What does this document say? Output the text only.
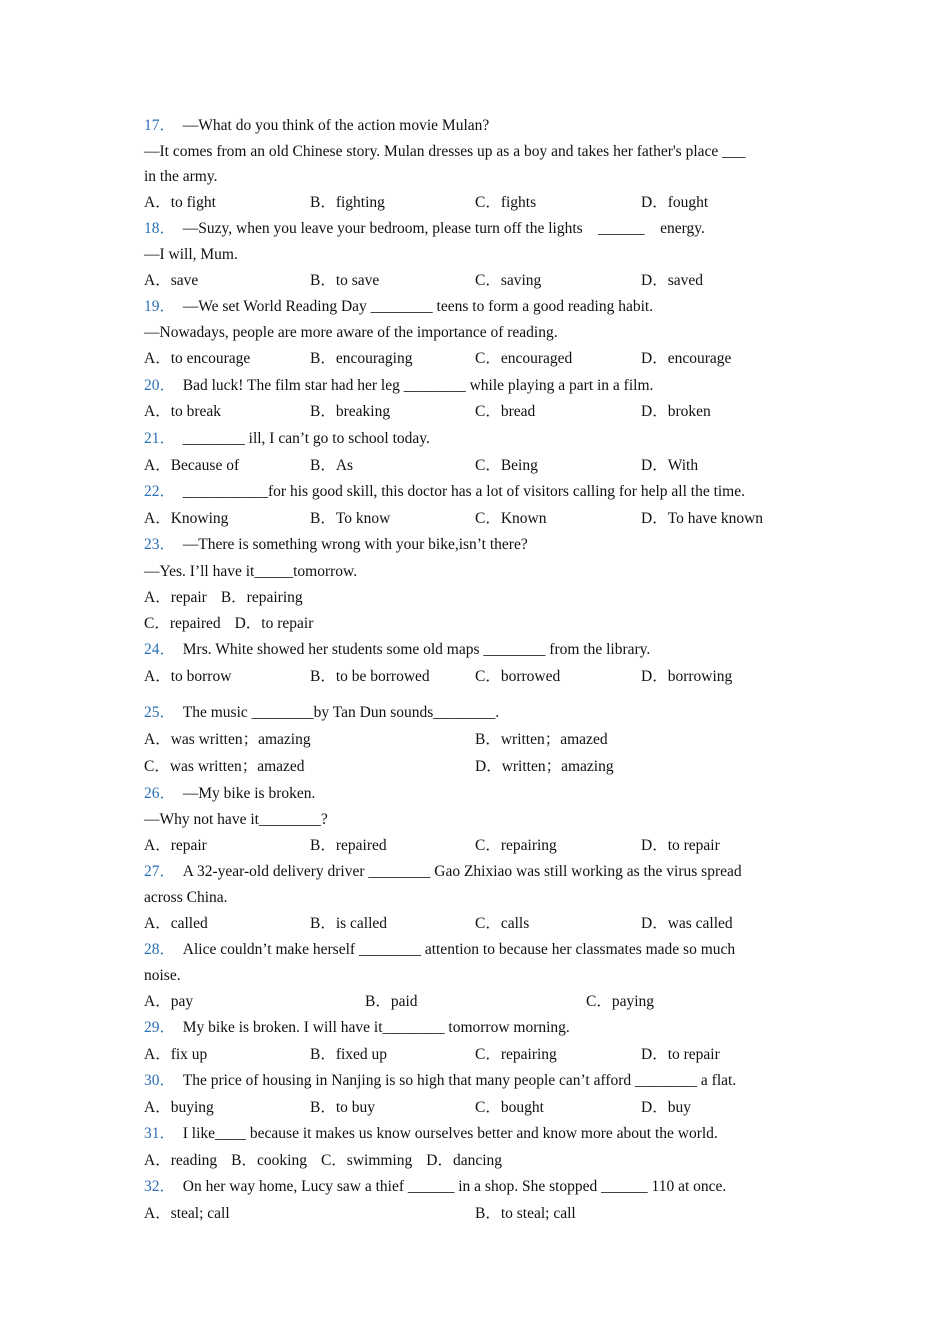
17．　—What do you think of the action movie Mulan?
—It comes from an old Chinese story. Mulan dresses up as a boy and takes her father's place ___
in the army.
A．to fight	B．fighting	C．fights	D．fought
18．　—Suzy, when you leave your bedroom, please turn off the lights　______　energy.
—I will, Mum.
A．save	B．to save	C．saving	D．saved
19．　—We set World Reading Day ________ teens to form a good reading habit.
—Nowadays, people are more aware of the importance of reading.
A．to encourage	B．encouraging	C．encouraged	D．encourage
20．　Bad luck! The film star had her leg ________ while playing a part in a film.
A．to break	B．breaking	C．bread	D．broken
21．　________ ill, I can’t go to school today.
A．Because of	B．As	C．Being	D．With
22．　___________for his good skill, this doctor has a lot of visitors calling for help all the time.
A．Knowing	B．To know	C．Known	D．To have known
23．　—There is something wrong with your bike,isn’t there?
—Yes. I’ll have it_____tomorrow.
A．repair B．repairing
C．repaired D．to repair
24．　Mrs. White showed her students some old maps ________ from the library.
A．to borrow	B．to be borrowed	C．borrowed	D．borrowing
25．　The music ________by Tan Dun sounds________.
A．was written；amazing	B．written；amazed
C．was written；amazed	D．written；amazing
26．　—My bike is broken.
—Why not have it________?
A．repair	B．repaired	C．repairing	D．to repair
27．　A 32-year-old delivery driver ________ Gao Zhixiao was still working as the virus spread
across China.
A．called	B．is called	C．calls	D．was called
28．　Alice couldn’t make herself ________ attention to because her classmates made so much
noise.
A．pay	B．paid	C．paying
29．　My bike is broken. I will have it________ tomorrow morning.
A．fix up	B．fixed up	C．repairing	D．to repair
30．　The price of housing in Nanjing is so high that many people can’t afford ________ a flat.
A．buying	B．to buy	C．bought	D．buy
31．　I like____ because it makes us know ourselves better and know more about the world.
A．reading B．cooking C．swimming D．dancing
32．　On her way home, Lucy saw a thief ______ in a shop. She stopped ______ 110 at once.
A．steal; call	B．to steal; call
